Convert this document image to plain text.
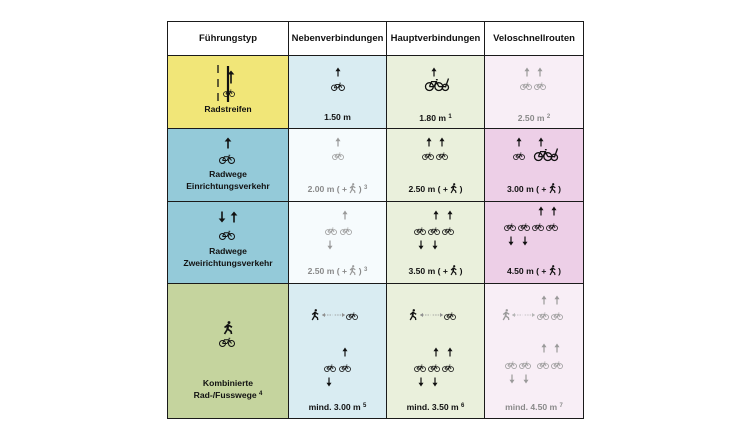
Führungstyp	Nebenverbindungen	Hauptverbindungen	Veloschnellrouten

Radstreifen	1.50 m	1.80 m $^1$	2.50 m $^2$

Radwege
Einrichtungsverkehr	2.00 m ( +  ) $^3$	2.50 m ( +  )	3.00 m ( +  )

Radwege
Zweirichtungsverkehr	2.50 m ( +  ) $^3$	3.50 m ( +  )	4.50 m ( +  )

Kombinierte
Rad-/Fusswege $^4$	mind. 3.00 m $^5$	mind. 3.50 m $^6$	mind. 4.50 m $^7$
